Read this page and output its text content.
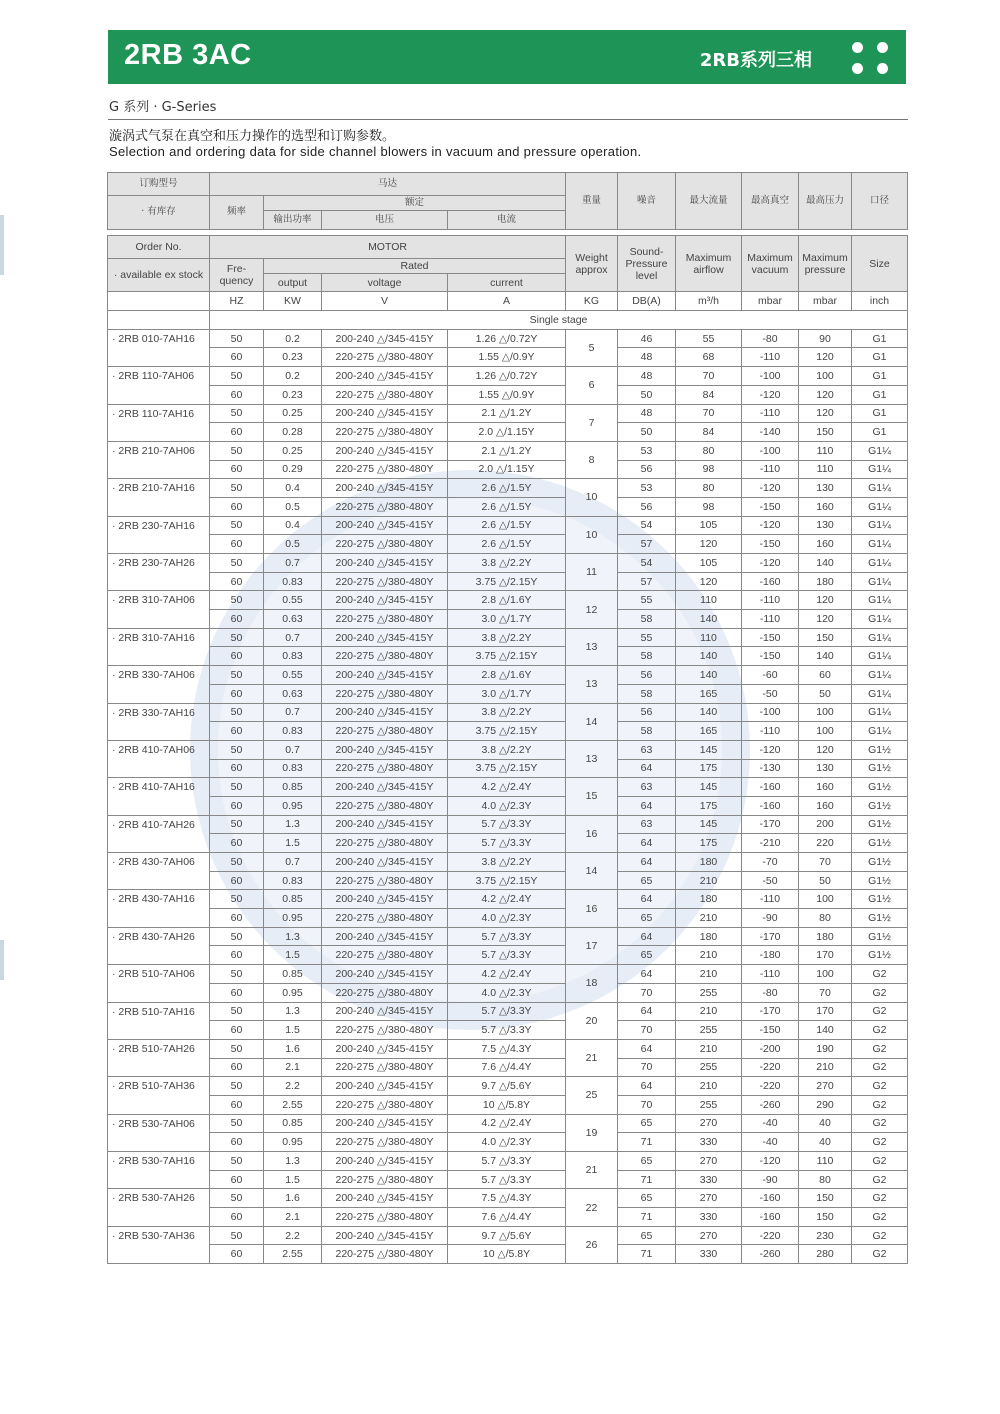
2RB 3AC	2RB系列三相
G 系列 · G-Series
漩涡式气泵在真空和压力操作的选型和订购参数。
Selection and ordering data for side channel blowers in vacuum and pressure operation.
订购型号	马达				重量	噪音	最大流量	最高真空	最高压力	口径
· 有库存	频率	额定								
		输出功率	电压	电流						

Order No.	MOTOR				Weight approx	Sound- Pressure level	Maximum airflow	Maximum vacuum	Maximum pressure	Size
· available ex stock	Fre- quency	Rated								
		output	voltage	current						
	HZ	KW	V	A	KG	DB(A)	m³/h	mbar	mbar	inch
	Single stage									
· 2RB 010-7AH16	50	0.2	200-240 △/345-415Y	1.26 △/0.72Y	5	46	55	-80	90	G1
	60	0.23	220-275 △/380-480Y	1.55 △/0.9Y		48	68	-110	120	G1
· 2RB 110-7AH06	50	0.2	200-240 △/345-415Y	1.26 △/0.72Y	6	48	70	-100	100	G1
	60	0.23	220-275 △/380-480Y	1.55 △/0.9Y		50	84	-120	120	G1
· 2RB 110-7AH16	50	0.25	200-240 △/345-415Y	2.1 △/1.2Y	7	48	70	-110	120	G1
	60	0.28	220-275 △/380-480Y	2.0 △/1.15Y		50	84	-140	150	G1
· 2RB 210-7AH06	50	0.25	200-240 △/345-415Y	2.1 △/1.2Y	8	53	80	-100	110	G1¼
	60	0.29	220-275 △/380-480Y	2.0 △/1.15Y		56	98	-110	110	G1¼
· 2RB 210-7AH16	50	0.4	200-240 △/345-415Y	2.6 △/1.5Y	10	53	80	-120	130	G1¼
	60	0.5	220-275 △/380-480Y	2.6 △/1.5Y		56	98	-150	160	G1¼
· 2RB 230-7AH16	50	0.4	200-240 △/345-415Y	2.6 △/1.5Y	10	54	105	-120	130	G1¼
	60	0.5	220-275 △/380-480Y	2.6 △/1.5Y		57	120	-150	160	G1¼
· 2RB 230-7AH26	50	0.7	200-240 △/345-415Y	3.8 △/2.2Y	11	54	105	-120	140	G1¼
	60	0.83	220-275 △/380-480Y	3.75 △/2.15Y		57	120	-160	180	G1¼
· 2RB 310-7AH06	50	0.55	200-240 △/345-415Y	2.8 △/1.6Y	12	55	110	-110	120	G1¼
	60	0.63	220-275 △/380-480Y	3.0 △/1.7Y		58	140	-110	120	G1¼
· 2RB 310-7AH16	50	0.7	200-240 △/345-415Y	3.8 △/2.2Y	13	55	110	-150	150	G1¼
	60	0.83	220-275 △/380-480Y	3.75 △/2.15Y		58	140	-150	140	G1¼
· 2RB 330-7AH06	50	0.55	200-240 △/345-415Y	2.8 △/1.6Y	13	56	140	-60	60	G1¼
	60	0.63	220-275 △/380-480Y	3.0 △/1.7Y		58	165	-50	50	G1¼
· 2RB 330-7AH16	50	0.7	200-240 △/345-415Y	3.8 △/2.2Y	14	56	140	-100	100	G1¼
	60	0.83	220-275 △/380-480Y	3.75 △/2.15Y		58	165	-110	100	G1¼
· 2RB 410-7AH06	50	0.7	200-240 △/345-415Y	3.8 △/2.2Y	13	63	145	-120	120	G1½
	60	0.83	220-275 △/380-480Y	3.75 △/2.15Y		64	175	-130	130	G1½
· 2RB 410-7AH16	50	0.85	200-240 △/345-415Y	4.2 △/2.4Y	15	63	145	-160	160	G1½
	60	0.95	220-275 △/380-480Y	4.0 △/2.3Y		64	175	-160	160	G1½
· 2RB 410-7AH26	50	1.3	200-240 △/345-415Y	5.7 △/3.3Y	16	63	145	-170	200	G1½
	60	1.5	220-275 △/380-480Y	5.7 △/3.3Y		64	175	-210	220	G1½
· 2RB 430-7AH06	50	0.7	200-240 △/345-415Y	3.8 △/2.2Y	14	64	180	-70	70	G1½
	60	0.83	220-275 △/380-480Y	3.75 △/2.15Y		65	210	-50	50	G1½
· 2RB 430-7AH16	50	0.85	200-240 △/345-415Y	4.2 △/2.4Y	16	64	180	-110	100	G1½
	60	0.95	220-275 △/380-480Y	4.0 △/2.3Y		65	210	-90	80	G1½
· 2RB 430-7AH26	50	1.3	200-240 △/345-415Y	5.7 △/3.3Y	17	64	180	-170	180	G1½
	60	1.5	220-275 △/380-480Y	5.7 △/3.3Y		65	210	-180	170	G1½
· 2RB 510-7AH06	50	0.85	200-240 △/345-415Y	4.2 △/2.4Y	18	64	210	-110	100	G2
	60	0.95	220-275 △/380-480Y	4.0 △/2.3Y		70	255	-80	70	G2
· 2RB 510-7AH16	50	1.3	200-240 △/345-415Y	5.7 △/3.3Y	20	64	210	-170	170	G2
	60	1.5	220-275 △/380-480Y	5.7 △/3.3Y		70	255	-150	140	G2
· 2RB 510-7AH26	50	1.6	200-240 △/345-415Y	7.5 △/4.3Y	21	64	210	-200	190	G2
	60	2.1	220-275 △/380-480Y	7.6 △/4.4Y		70	255	-220	210	G2
· 2RB 510-7AH36	50	2.2	200-240 △/345-415Y	9.7 △/5.6Y	25	64	210	-220	270	G2
	60	2.55	220-275 △/380-480Y	10 △/5.8Y		70	255	-260	290	G2
· 2RB 530-7AH06	50	0.85	200-240 △/345-415Y	4.2 △/2.4Y	19	65	270	-40	40	G2
	60	0.95	220-275 △/380-480Y	4.0 △/2.3Y		71	330	-40	40	G2
· 2RB 530-7AH16	50	1.3	200-240 △/345-415Y	5.7 △/3.3Y	21	65	270	-120	110	G2
	60	1.5	220-275 △/380-480Y	5.7 △/3.3Y		71	330	-90	80	G2
· 2RB 530-7AH26	50	1.6	200-240 △/345-415Y	7.5 △/4.3Y	22	65	270	-160	150	G2
	60	2.1	220-275 △/380-480Y	7.6 △/4.4Y		71	330	-160	150	G2
· 2RB 530-7AH36	50	2.2	200-240 △/345-415Y	9.7 △/5.6Y	26	65	270	-220	230	G2
	60	2.55	220-275 △/380-480Y	10 △/5.8Y		71	330	-260	280	G2
